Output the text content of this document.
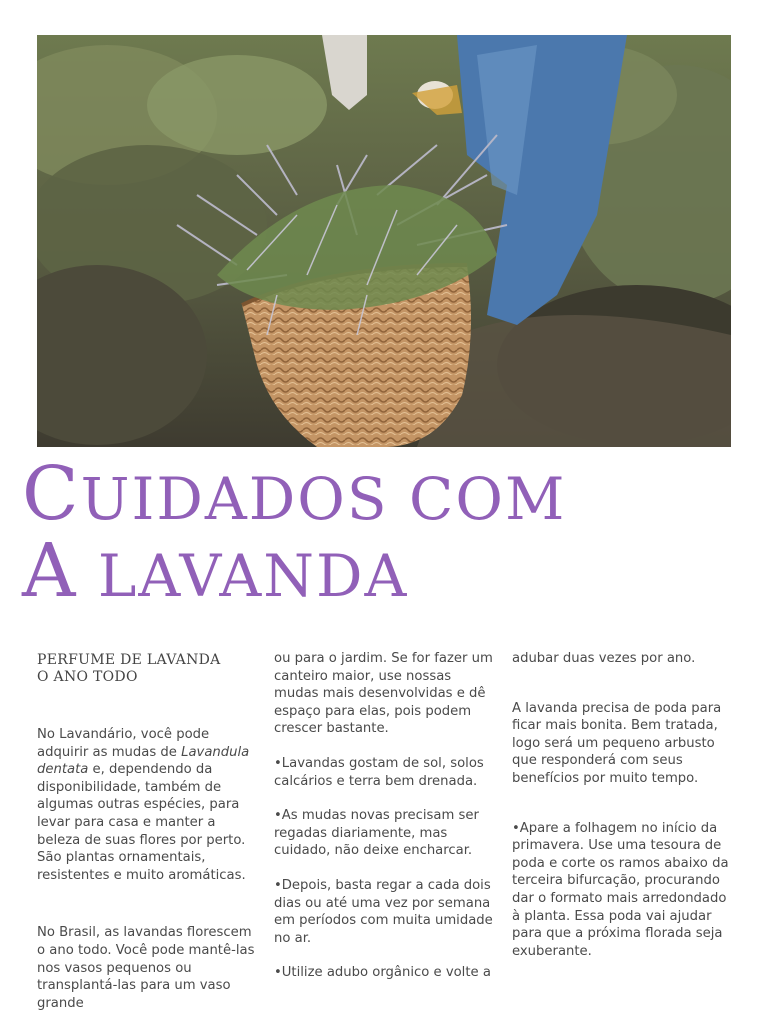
CUIDADOS COM
A LAVANDA
PERFUME DE LAVANDA
O ANO TODO

No Lavandário, você pode adquirir as mudas de Lavandula dentata e, dependendo da disponibilidade, também de algumas outras espécies, para levar para casa e manter a beleza de suas flores por perto. São plantas ornamentais, resistentes e muito aromáticas.

No Brasil, as lavandas florescem o ano todo. Você pode mantê-las nos vasos pequenos ou transplantá-las para um vaso grande

ou para o jardim. Se for fazer um canteiro maior, use nossas mudas mais desenvolvidas e dê espaço para elas, pois podem crescer bastante.

•Lavandas gostam de sol, solos calcários e terra bem drenada.

•As mudas novas precisam ser regadas diariamente, mas cuidado, não deixe encharcar.

•Depois, basta regar a cada dois dias ou até uma vez por semana em períodos com muita umidade no ar.

•Utilize adubo orgânico e volte a

adubar duas vezes por ano.

A lavanda precisa de poda para ficar mais bonita. Bem tratada, logo será um pequeno arbusto que responderá com seus benefícios por muito tempo.

•Apare a folhagem no início da primavera. Use uma tesoura de poda e corte os ramos abaixo da terceira bifurcação, procurando dar o formato mais arredondado à planta. Essa poda vai ajudar para que a próxima florada seja exuberante.
